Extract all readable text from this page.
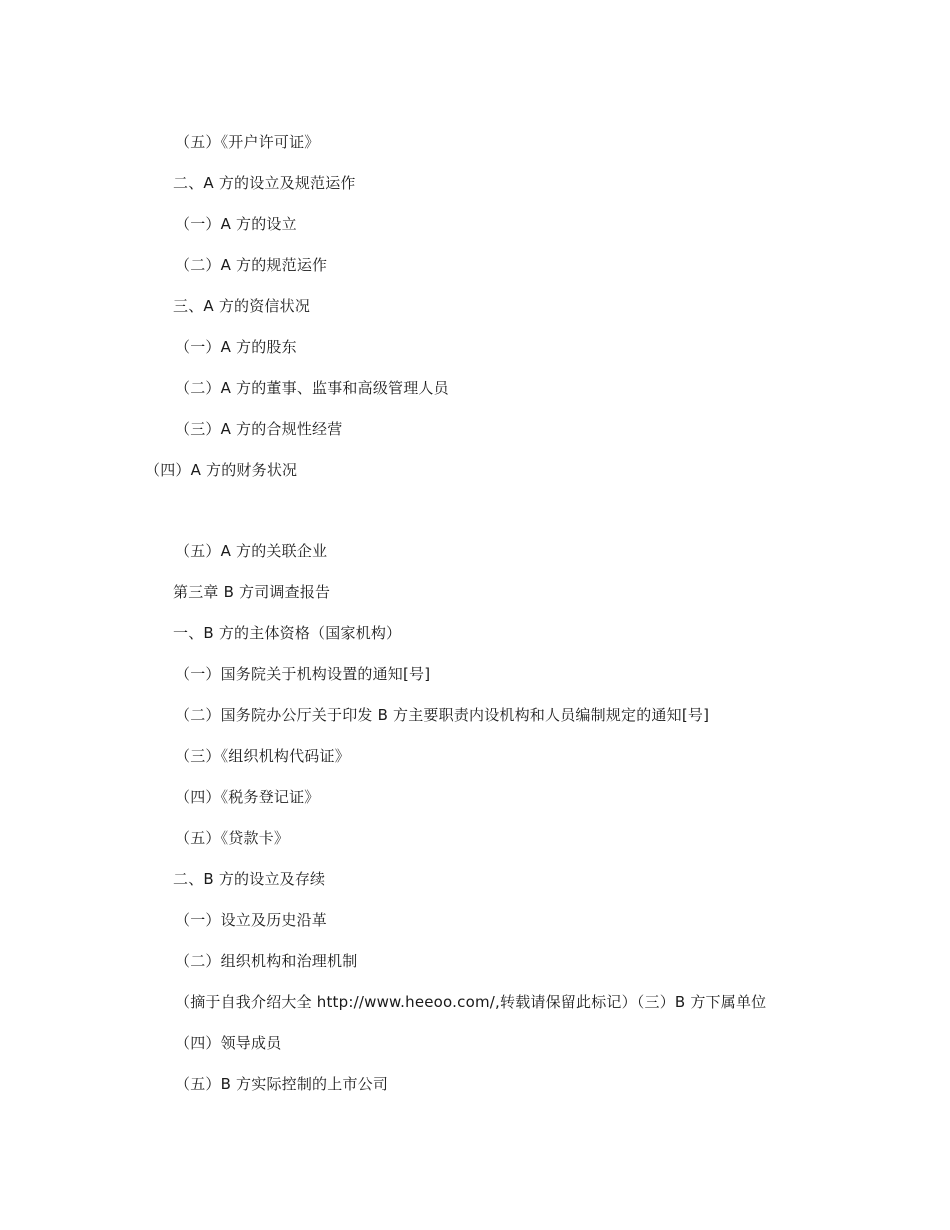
（五）《开户许可证》
二、A 方的设立及规范运作
（一）A 方的设立
（二）A 方的规范运作
三、A 方的资信状况
（一）A 方的股东
（二）A 方的董事、监事和高级管理人员
（三）A 方的合规性经营
（四）A 方的财务状况
（五）A 方的关联企业
第三章 B 方司调查报告
一、B 方的主体资格（国家机构）
（一）国务院关于机构设置的通知[号]
（二）国务院办公厅关于印发 B 方主要职责内设机构和人员编制规定的通知[号]
（三）《组织机构代码证》
（四）《税务登记证》
（五）《贷款卡》
二、B 方的设立及存续
（一）设立及历史沿革
（二）组织机构和治理机制
（摘于自我介绍大全 http://www.heeoo.com/,转载请保留此标记）（三）B 方下属单位
（四）领导成员
（五）B 方实际控制的上市公司
